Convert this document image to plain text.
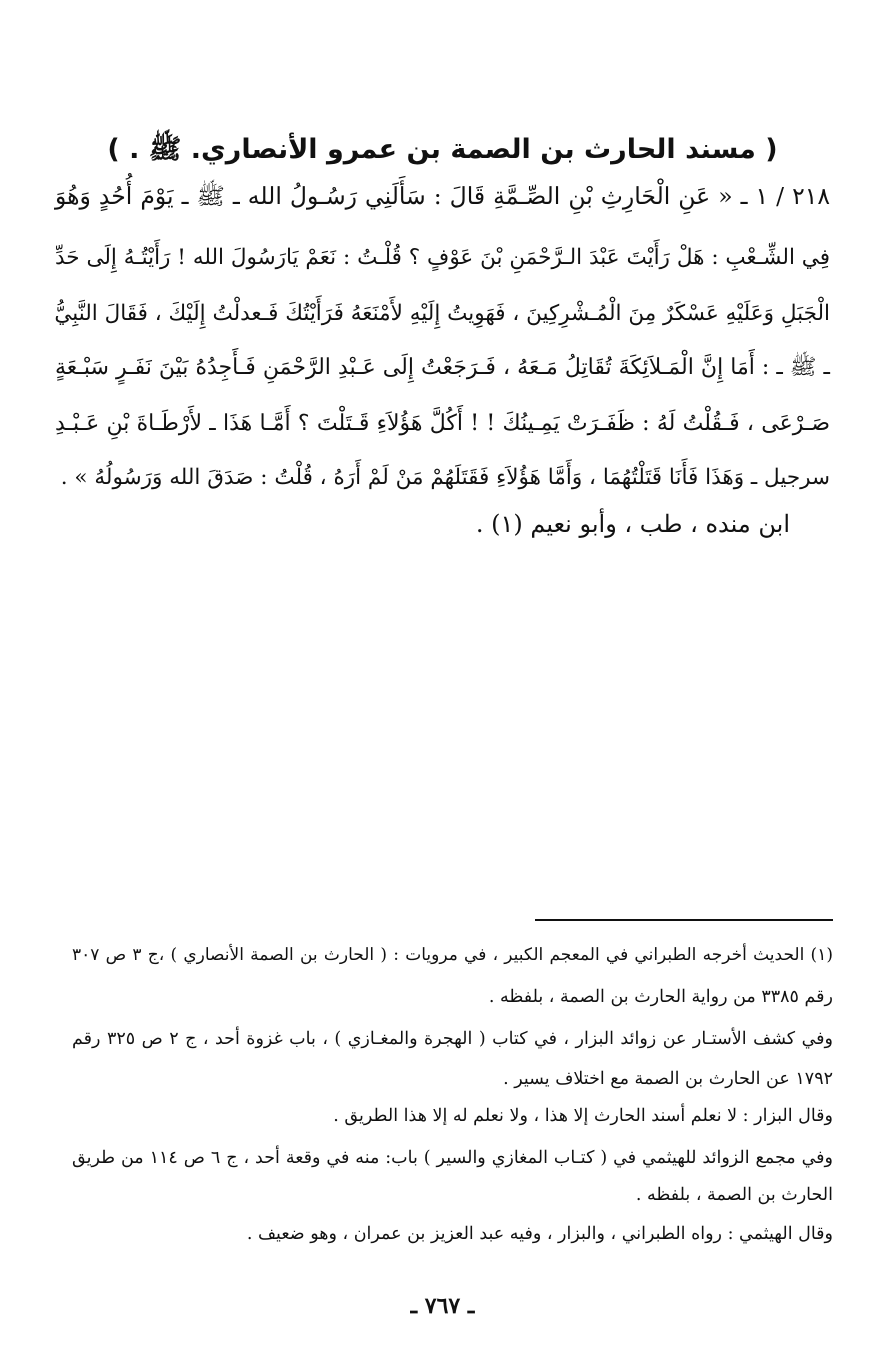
( مسند الحارث بن الصمة بن عمرو الأنصاري. ﷺ . )
٢١٨ / ١ ـ « عَنِ الْحَارِثِ بْنِ الصِّـمَّةِ قَالَ : سَأَلَنِي رَسُـولُ الله ـ ﷺ ـ يَوْمَ أُحُدٍ وَهُوَ
فِي الشِّـعْبِ : هَلْ رَأَيْتَ عَبْدَ الـرَّحْمَنِ بْنَ عَوْفٍ ؟ قُلْـتُ : نَعَمْ يَارَسُولَ الله ! رَأَيْتُـهُ إِلَى حَدِّ
الْجَبَلِ وَعَلَيْهِ عَسْكَرٌ مِنَ الْمُـشْرِكِينَ ، فَهَوِيتُ إِلَيْهِ لأَمْنَعَهُ فَرَأَيْتُكَ فَـعدلْتُ إِلَيْكَ ، فَقَالَ النَّبِيُّ
ـ ﷺ ـ : أَمَا إِنَّ الْمَـلاَئِكَةَ تُقَاتِلُ مَـعَهُ ، فَـرَجَعْتُ إِلَى عَـبْدِ الرَّحْمَنِ فَـأَجِدُهُ بَيْنَ نَفَـرٍ سَبْـعَةٍ
صَـرْعَى ، فَـقُلْتُ لَهُ : ظَفَـرَتْ يَمِـينُكَ ! ! أَكُلَّ هَؤُلاَءِ قَـتَلْتَ ؟ أَمَّـا هَذَا ـ لأَرْطَـاةَ بْنِ عَـبْـدِ
سرجيل ـ وَهَذَا فَأَنَا قَتَلْتُهُمَا ، وَأَمَّا هَؤُلاَءِ فَقَتَلَهُمْ مَنْ لَمْ أَرَهُ ، قُلْتُ : صَدَقَ الله وَرَسُولُهُ » .
ابن منده ، طب ، وأبو نعيم (١) .
(١) الحديث أخرجه الطبراني في المعجم الكبير ، في مرويات : ( الحارث بن الصمة الأنصاري ) ،ج ٣ ص ٣٠٧
رقم ٣٣٨٥ من رواية الحارث بن الصمة ، بلفظه .
وفي كشف الأستـار عن زوائد البزار ، في كتاب ( الهجرة والمغـازي ) ، باب غزوة أحد ، ج ٢ ص ٣٢٥ رقم
١٧٩٢ عن الحارث بن الصمة مع اختلاف يسير .
وقال البزار : لا نعلم أسند الحارث إلا هذا ، ولا نعلم له إلا هذا الطريق .
وفي مجمع الزوائد للهيثمي في ( كتـاب المغازي والسير ) باب: منه في وقعة أحد ، ج ٦ ص ١١٤ من طريق
الحارث بن الصمة ، بلفظه .
وقال الهيثمي : رواه الطبراني ، والبزار ، وفيه عبد العزيز بن عمران ، وهو ضعيف .
ـ ٧٦٧ ـ
